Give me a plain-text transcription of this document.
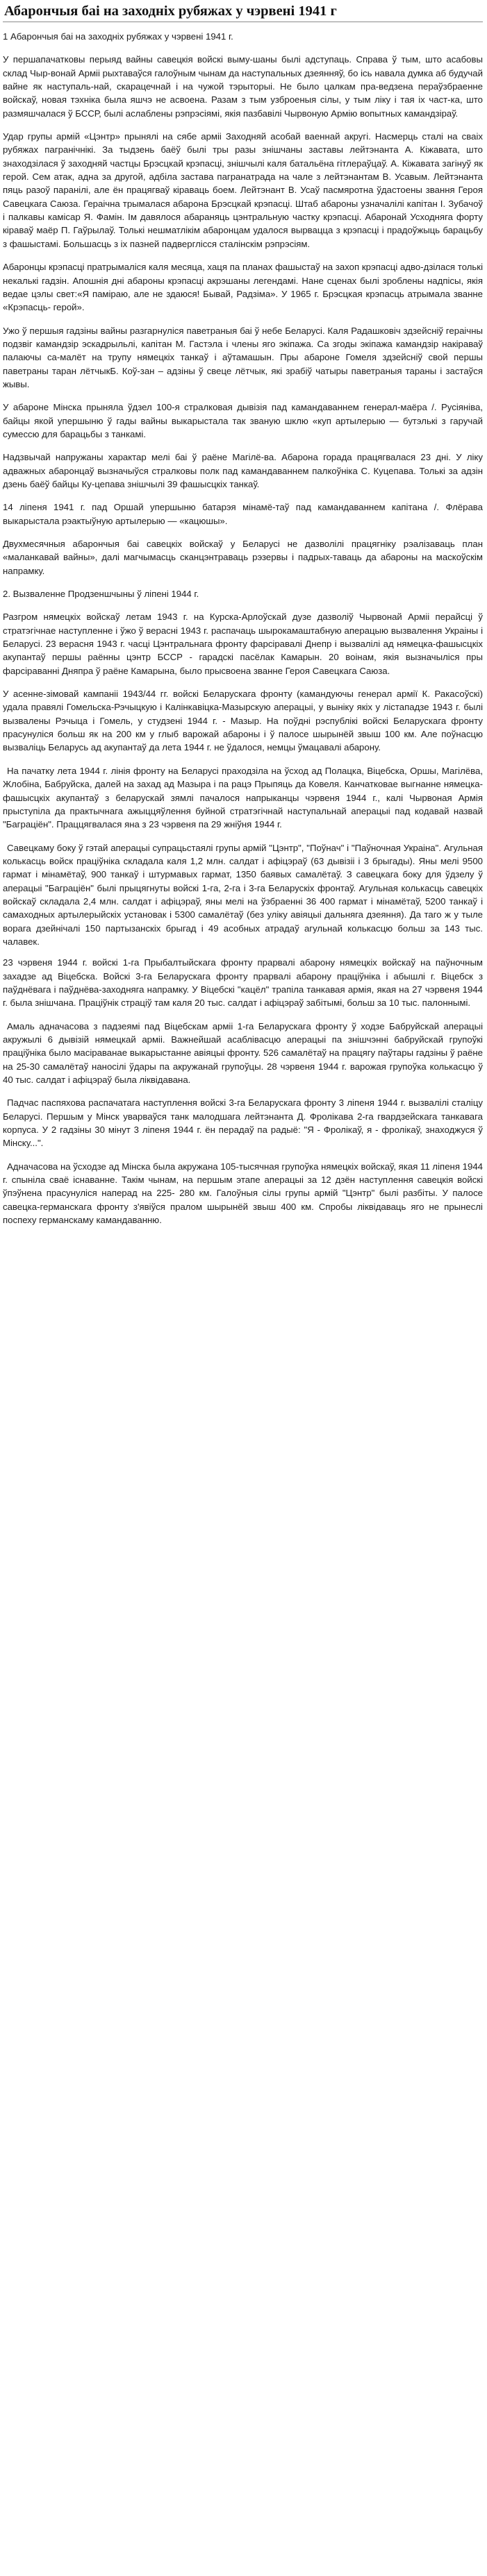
Абарончыя баі на заходніх рубяжах у чэрвені 1941 г

1 Абарончыя баі на заходніх рубяжах у чэрвені 1941 г.

У першапачатковы перыяд вайны савецкія войскі выму-шаны былі адступаць. Справа ў тым, што асабовы склад Чыр-вонай Арміі рыхтаваўся галоўным чынам да наступальных дзеянняў, бо ісь навала думка аб будучай вайне як наступаль-най, скарацечнай і на чужой тэрыторыі. Не было цалкам пра-ведзена пераўзбраенне войскаў, новая тэхніка была яшчэ не асвоена. Разам з тым узброеныя сілы, у тым ліку і тая іх част-ка, што размяшчалася ў БССР, былі аслаблены рэпрэсіямі, якія пазбавілі Чырвоную Армію вопытных камандзіраў.

Удар групы армій «Цэнтр» прынялі на сябе арміі Заходняй асобай ваеннай акругі. Насмерць сталі на сваіх рубяжах пагранічнікі. За тыдзень баёў былі тры разы знішчаны заставы лейтэнанта А. Кіжавата, што знаходзілася ў заходняй частцы Брэсцкай крэпасці, знішчылі каля батальёна гітлераўцаў. А. Кіжавата загінуў як герой. Сем атак, адна за другой, адбіла застава пагранатрада на чале з лейтэнантам В. Усавым. Лейтэнанта пяць разоў паранілі, але ён працягваў кіраваць боем. Лейтэнант В. Усаў пасмяротна ўдастоены звання Героя Савецкага Саюза. Гераічна трымалася абарона Брэсцкай крэпасці. Штаб абароны узначалілі капітан І. Зубачоў і палкавы камісар Я. Фамін. Ім давялося абараняць цэнтральную частку крэпасці. Абаронай Усходняга форту кіраваў маёр П. Гаўрылаў. Толькі нешматлікім абаронцам удалося вырвацца з крэпасці і прадоўжыць барацьбу з фашыстамі. Большасць з іх пазней падверглісся сталінскім рэпрэсіям.

Абаронцы крэпасці пратрымаліся каля месяца, хаця па планах фашыстаў на захоп крэпасці адво-дзілася толькі некалькі гадзін. Апошнія дні абароны крэпасці акрэшаны легендамі. Нане сценах былі зроблены надпісы, якія ведае цэлы свет:«Я паміраю, але не здаюся! Бывай, Радзіма». У 1965 г. Брэсцкая крэпасць атрымала званне «Крэпасць- герой».

Ужо ў першыя гадзіны вайны разгарнуліся паветраныя баі ў небе Беларусі. Каля Радашковіч здзейсніў гераічны подзвіг камандзір эскадрыльлі, капітан М. Гастэла і члены яго экіпажа. Са згоды экіпажа камандзір накіраваў палаючы са-малёт на трупу нямецкіх танкаў і аўтамашын. Пры абароне Гомеля здзейсніў свой першы паветраны таран лётчыкБ. Коў-зан – адзіны ў свеце лётчык, які зрабіў чатыры паветраныя тараны і застаўся жывы.

У абароне Мінска прыняла ўдзел 100-я стралковая дывізія пад камандаваннем генерал-маёра /. Русіяніва, байцы якой упершыню ў гады вайны выкарыстала так званую шклю «куп артылерыю — бутэлькі з гаручай сумессю для барацьбы з танкамі.

Надзвычай напружаны характар мелі баі ў раёне Магілё-ва. Абарона горада працягвалася 23 дні. У ліку адважных абаронцаў вызначыўся стралковы полк пад камандаваннем палкоўніка С. Куцепава. Толькі за адзін дзень баёў байцы Ку-цепава знішчылі 39 фашысцкіх танкаў.

14 ліпеня 1941 г. пад Оршай упершыню батарэя мінамё-таў пад камандаваннем капітана /. Флёрава выкарыстала рэактыўную артылерыю — «кацюшы».

Двухмесячныя абарончыя баі савецкіх войскаў у Беларусі не дазволілі працягніку рэалізаваць план «маланкавай вайны», далі магчымасць сканцэнтраваць рэзервы і падрых-таваць да абароны на маскоўскім напрамку.

2. Вызваленне Продзеншчыны ў ліпені 1944 г.

Разгром нямецкіх войскаў летам 1943 г. на Курска-Арлоўскай дузе дазволіў Чырвонай Арміі перайсці ў стратэгічнае наступленне і ўжо ў верасні 1943 г. распачаць шырокамаштабную аперацыю вызвалення Украіны і Беларусі. 23 верасня 1943 г. часці Цэнтральнага фронту фарсіравалі Днепр і вызвалілі ад нямецка-фашысцкіх акупантаў першы раённы цэнтр БССР - гарадскі пасёлак Камарын. 20 воінам, якія вызначыліся пры фарсіраванні Дняпра ў раёне Камарына, было прысвоена званне Героя Савецкага Саюза.

У асенне-зімовай кампаніі 1943/44 гг. войскі Беларускага фронту (камандуючы генерал армії К. Ракасоўскі) удала правялі Гомельска-Рэчыцкую і Калінкавіцка-Мазырскую аперацыі, у выніку якіх у лістападзе 1943 г. былі вызвалены Рэчыца і Гомель, у студзені 1944 г. - Мазыр. На поўдні рэспублікі войскі Беларускага фронту прасунуліся больш як на 200 км у глыб варожай абароны і ў палосе шырынёй звыш 100 км. Але поўнасцю вызваліць Беларусь ад акупантаў да лета 1944 г. не ўдалося, немцы ўмацавалі абарону.

На пачатку лета 1944 г. лінія фронту на Беларусі праходзіла на ўсход ад Полацка, Віцебска, Оршы, Магілёва, Жлобіна, Бабруйска, далей на захад ад Мазыра і па рацэ Прыпяць да Ковеля. Канчатковае выгнанне нямецка-фашысцкіх акупантаў з беларускай зямлі пачалося напрыканцы чэрвеня 1944 г., калі Чырвоная Армія прыступіла да практычнага ажыццяўлення буйной стратэгічнай наступальнай аперацыі пад кодавай назвай "Баграціён". Праццягвалася яна з 23 чэрвеня па 29 жніўня 1944 г.

Савецкаму боку ў гэтай аперацыі супрацьстаялі групы армій "Цэнтр", "Поўнач" і "Паўночная Украіна". Агульная колькасць войск працiўніка складала каля 1,2 млн. салдат і афіцэраў (63 дывізіі і 3 брыгады). Яны мелі 9500 гармат і мінамётаў, 900 танкаў і штурмавых гармат, 1350 баявых самалётаў. З савецкага боку для ўдзелу ў аперацыі "Баграціён" былі прыцягнуты войскі 1-га, 2-га і 3-га Беларускіх фронтаў. Агульная колькасць савецкіх войскаў складала 2,4 млн. салдат і афіцэраў, яны мелі на ўзбраенні 36 400 гармат і мінамётаў, 5200 танкаў і самаходных артылерыйскіх установак і 5300 самалётаў (без уліку авіяцыі дальняга дзеяння). Да таго ж у тыле ворага дзейнічалі 150 партызанскіх брыгад і 49 асобных атрадаў агульнай колькасцю больш за 143 тыс. чалавек.

23 чэрвеня 1944 г. войскі 1-га Прыбалтыйскага фронту прарвалі абарону нямецкіх войскаў на паўночным захадзе ад Віцебска. Войскі 3-га Беларускага фронту прарвалі абарону праціўніка і абышлі г. Віцебск з паўднёвага і паўднёва-заходняга напрамку. У Віцебскі "кацёл" трапіла танкавая армія, якая на 27 чэрвеня 1944 г. была знішчана. Працiўнік страціў там каля 20 тыс. салдат і афіцэраў забітымі, больш за 10 тыс. палоннымі.

Амаль адначасова з падзеямі пад Віцебскам арміі 1-га Беларускага фронту ў ходзе Бабруйскай аперацыі акружылі 6 дывізій нямецкай арміі. Важнейшай асаблівасцю аперацыі па знішчэнні бабруйскай групоўкі працiўніка было масіраванае выкарыстанне авіяцыі фронту. 526 самалётаў на працягу паўтары гадзіны ў раёне на 25-30 самалётаў наносілі ўдары па акружанай групоўцы. 28 чэрвеня 1944 г. варожая групоўка колькасцю ў 40 тыс. салдат і афіцэраў была ліквідавана.

Падчас паспяхова распачатага наступлення войскі 3-га Беларускага фронту 3 ліпеня 1944 г. вызвалілі сталіцу Беларусі. Першым у Мінск уварваўся танк малодшага лейтэнанта Д. Фролікава 2-га гвардзейскага танкавага корпуса. У 2 гадзіны 30 мінут 3 ліпеня 1944 г. ён перадаў па радыё: "Я - Фролікаў, я - фролікаў, знаходжуся ў Мінску...".

Адначасова на ўсходзе ад Мінска была акружана 105-тысячная групоўка нямецкіх войскаў, якая 11 ліпеня 1944 г. спыніла сваё існаванне. Такім чынам, на першым этапе аперацыі за 12 дзён наступлення савецкія войскі ўпэўнена прасунуліся наперад на 225- 280 км. Галоўныя сілы групы армій "Цэнтр" былі разбіты. У палосе савецка-германскага фронту з'явіўся пралом шырынёй звыш 400 км. Спробы ліквідаваць яго не прынеслі поспеху германскаму камандаванню.
